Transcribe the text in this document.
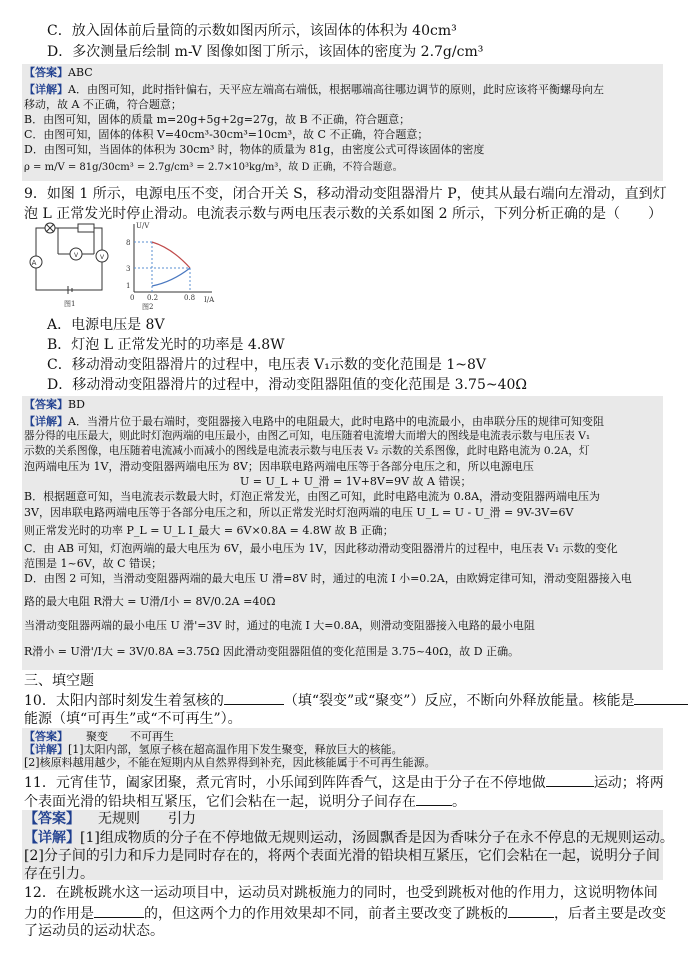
C．放入固体前后量筒的示数如图丙所示，该固体的体积为 40cm³
D．多次测量后绘制 m-V 图像如图丁所示，该固体的密度为 2.7g/cm³
【答案】ABC
【详解】A．由图可知，此时指针偏右，天平应左端高右端低，根据哪端高往哪边调节的原则，此时应该将平衡螺母向左
移动，故 A 不正确，符合题意；
B．由图可知，固体的质量 m=20g+5g+2g=27g，故 B 不正确，符合题意；
C．由图可知，固体的体积 V=40cm³-30cm³=10cm³，故 C 不正确，符合题意；
D．由图可知，当固体的体积为 30cm³ 时，物体的质量为 81g，由密度公式可得该固体的密度
ρ = m/V = 81g/30cm³ = 2.7g/cm³ = 2.7×10³kg/m³，故 D 正确，不符合题意。
9．如图 1 所示，电源电压不变，闭合开关 S，移动滑动变阻器滑片 P，使其从最右端向左滑动，直到灯
泡 L 正常发光时停止滑动。电流表示数与两电压表示数的关系如图 2 所示，下列分析正确的是（　　）
A
V	V
图1
U/V
I/A
8
3
1
0 0.2	0.8
图2
A．电源电压是 8V
B．灯泡 L 正常发光时的功率是 4.8W
C．移动滑动变阻器滑片的过程中，电压表 V₁示数的变化范围是 1~8V
D．移动滑动变阻器滑片的过程中，滑动变阻器阻值的变化范围是 3.75~40Ω
【答案】BD
【详解】A．当滑片位于最右端时，变阻器接入电路中的电阻最大，此时电路中的电流最小，由串联分压的规律可知变阻
器分得的电压最大，则此时灯泡两端的电压最小，由图乙可知，电压随着电流增大而增大的图线是电流表示数与电压表 V₁
示数的关系图像，电压随着电流减小而减小的图线是电流表示数与电压表 V₂ 示数的关系图像，此时电路电流为 0.2A，灯
泡两端电压为 1V，滑动变阻器两端电压为 8V；因串联电路两端电压等于各部分电压之和，所以电源电压
U = U_L + U_滑 = 1V+8V=9V 故 A 错误；
B．根据题意可知，当电流表示数最大时，灯泡正常发光，由图乙可知，此时电路电流为 0.8A，滑动变阻器两端电压为
3V，因串联电路两端电压等于各部分电压之和，所以正常发光时灯泡两端的电压 U_L = U - U_滑 = 9V-3V=6V
则正常发光时的功率 P_L = U_L I_最大 = 6V×0.8A = 4.8W 故 B 正确；
C．由 AB 可知，灯泡两端的最大电压为 6V，最小电压为 1V，因此移动滑动变阻器滑片的过程中，电压表 V₁ 示数的变化
范围是 1~6V，故 C 错误；
D．由图 2 可知，当滑动变阻器两端的最大电压 U 滑=8V 时，通过的电流 I 小=0.2A，由欧姆定律可知，滑动变阻器接入电
路的最大电阻 R滑大 = U滑/I小 = 8V/0.2A =40Ω
当滑动变阻器两端的最小电压 U 滑'=3V 时，通过的电流 I 大=0.8A，则滑动变阻器接入电路的最小电阻
R滑小 = U滑'/I大 = 3V/0.8A =3.75Ω 因此滑动变阻器阻值的变化范围是 3.75~40Ω，故 D 正确。
三、填空题
10．太阳内部时刻发生着氢核的	（填“裂变”或“聚变”）反应，不断向外释放能量。核能是
能源（填“可再生”或“不可再生”）。
【答案】 聚变　　不可再生
【详解】[1]太阳内部，氢原子核在超高温作用下发生聚变，释放巨大的核能。
[2]核原料越用越少，不能在短期内从自然界得到补充，因此核能属于不可再生能源。
11．元宵佳节，阖家团聚，煮元宵时，小乐闻到阵阵香气，这是由于分子在不停地做	运动；将两
个表面光滑的铅块相互紧压，它们会粘在一起，说明分子间存在	。
【答案】 无规则　　引力
【详解】[1]组成物质的分子在不停地做无规则运动，汤圆飘香是因为香味分子在永不停息的无规则运动。
[2]分子间的引力和斥力是同时存在的，将两个表面光滑的铅块相互紧压，它们会粘在一起，说明分子间
存在引力。
12．在跳板跳水这一运动项目中，运动员对跳板施力的同时，也受到跳板对他的作用力，这说明物体间
力的作用是	的，但这两个力的作用效果却不同，前者主要改变了跳板的	，后者主要是改变
了运动员的运动状态。
